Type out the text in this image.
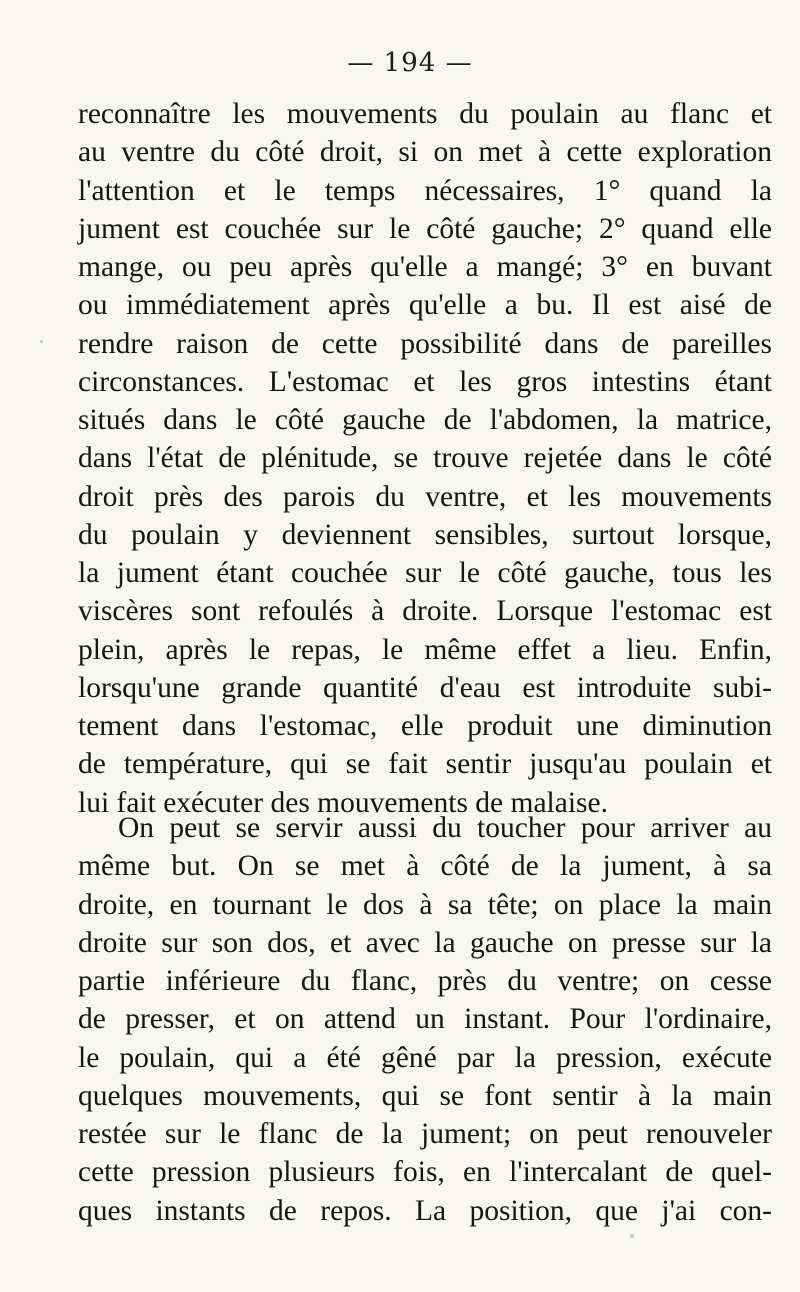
— 194 —
reconnaître les mouvements du poulain au flanc et
au ventre du côté droit, si on met à cette exploration
l'attention et le temps nécessaires, 1° quand la
jument est couchée sur le côté gauche; 2° quand elle
mange, ou peu après qu'elle a mangé; 3° en buvant
ou immédiatement après qu'elle a bu. Il est aisé de
rendre raison de cette possibilité dans de pareilles
circonstances. L'estomac et les gros intestins étant
situés dans le côté gauche de l'abdomen, la matrice,
dans l'état de plénitude, se trouve rejetée dans le côté
droit près des parois du ventre, et les mouvements
du poulain y deviennent sensibles, surtout lorsque,
la jument étant couchée sur le côté gauche, tous les
viscères sont refoulés à droite. Lorsque l'estomac est
plein, après le repas, le même effet a lieu. Enfin,
lorsqu'une grande quantité d'eau est introduite subi-
tement dans l'estomac, elle produit une diminution
de température, qui se fait sentir jusqu'au poulain et
lui fait exécuter des mouvements de malaise.
On peut se servir aussi du toucher pour arriver au
même but. On se met à côté de la jument, à sa
droite, en tournant le dos à sa tête; on place la main
droite sur son dos, et avec la gauche on presse sur la
partie inférieure du flanc, près du ventre; on cesse
de presser, et on attend un instant. Pour l'ordinaire,
le poulain, qui a été gêné par la pression, exécute
quelques mouvements, qui se font sentir à la main
restée sur le flanc de la jument; on peut renouveler
cette pression plusieurs fois, en l'intercalant de quel-
ques instants de repos. La position, que j'ai con-
